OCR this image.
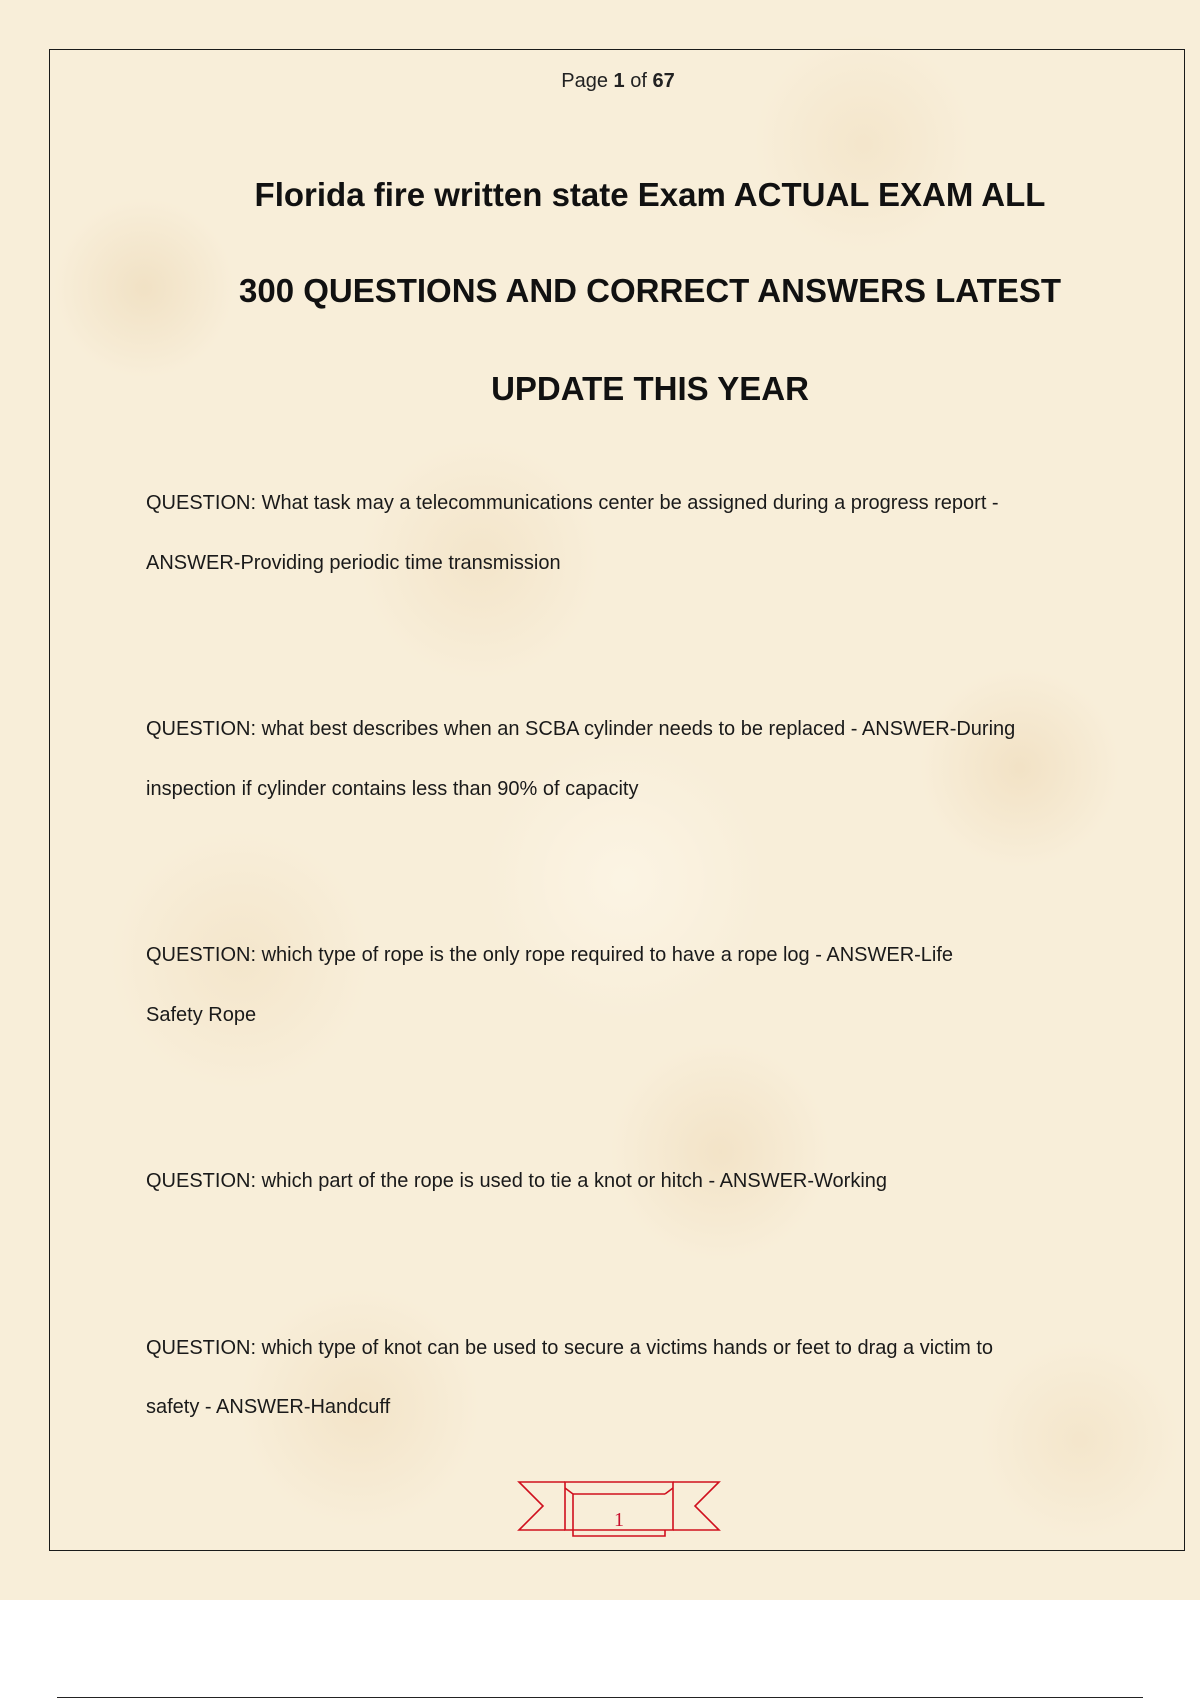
Page 1 of 67
Florida fire written state Exam ACTUAL EXAM ALL
300 QUESTIONS AND CORRECT ANSWERS LATEST
UPDATE THIS YEAR
QUESTION: What task may a telecommunications center be assigned during a progress report -
ANSWER-Providing periodic time transmission
QUESTION: what best describes when an SCBA cylinder needs to be replaced - ANSWER-During
inspection if cylinder contains less than 90% of capacity
QUESTION: which type of rope is the only rope required to have a rope log - ANSWER-Life
Safety Rope
QUESTION: which part of the rope is used to tie a knot or hitch - ANSWER-Working
QUESTION: which type of knot can be used to secure a victims hands or feet to drag a victim to
safety - ANSWER-Handcuff
1
